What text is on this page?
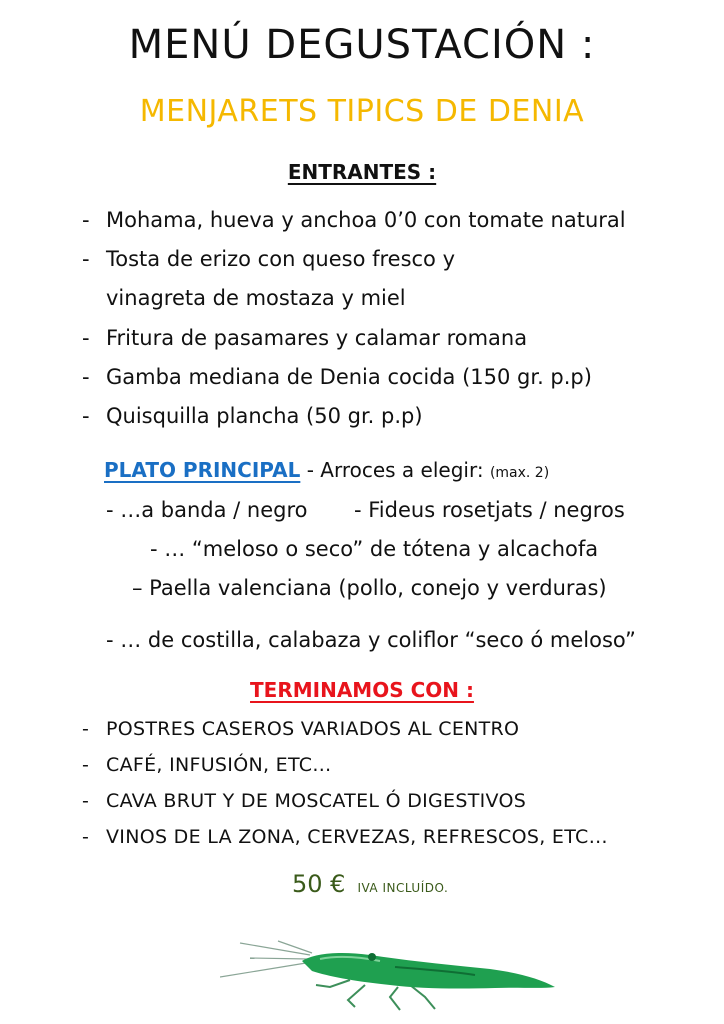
MENÚ DEGUSTACIÓN :
MENJARETS TIPICS DE DENIA
ENTRANTES :
- Mohama, hueva y anchoa 0’0 con tomate natural
- Tosta de erizo con queso fresco y
vinagreta de mostaza y miel
- Fritura de pasamares y calamar romana
- Gamba mediana de Denia cocida (150 gr. p.p)
- Quisquilla plancha (50 gr. p.p)
PLATO PRINCIPAL - Arroces a elegir: (max. 2)
- …a banda / negro - Fideus rosetjats / negros
- … “meloso o seco” de tótena y alcachofa
– Paella valenciana (pollo, conejo y verduras)
- … de costilla, calabaza y coliflor “seco ó meloso”
TERMINAMOS CON :
- POSTRES CASEROS VARIADOS AL CENTRO
- CAFÉ, INFUSIÓN, ETC…
- CAVA BRUT Y DE MOSCATEL Ó DIGESTIVOS
- VINOS DE LA ZONA, CERVEZAS, REFRESCOS, ETC…
50 € IVA INCLUÍDO.
